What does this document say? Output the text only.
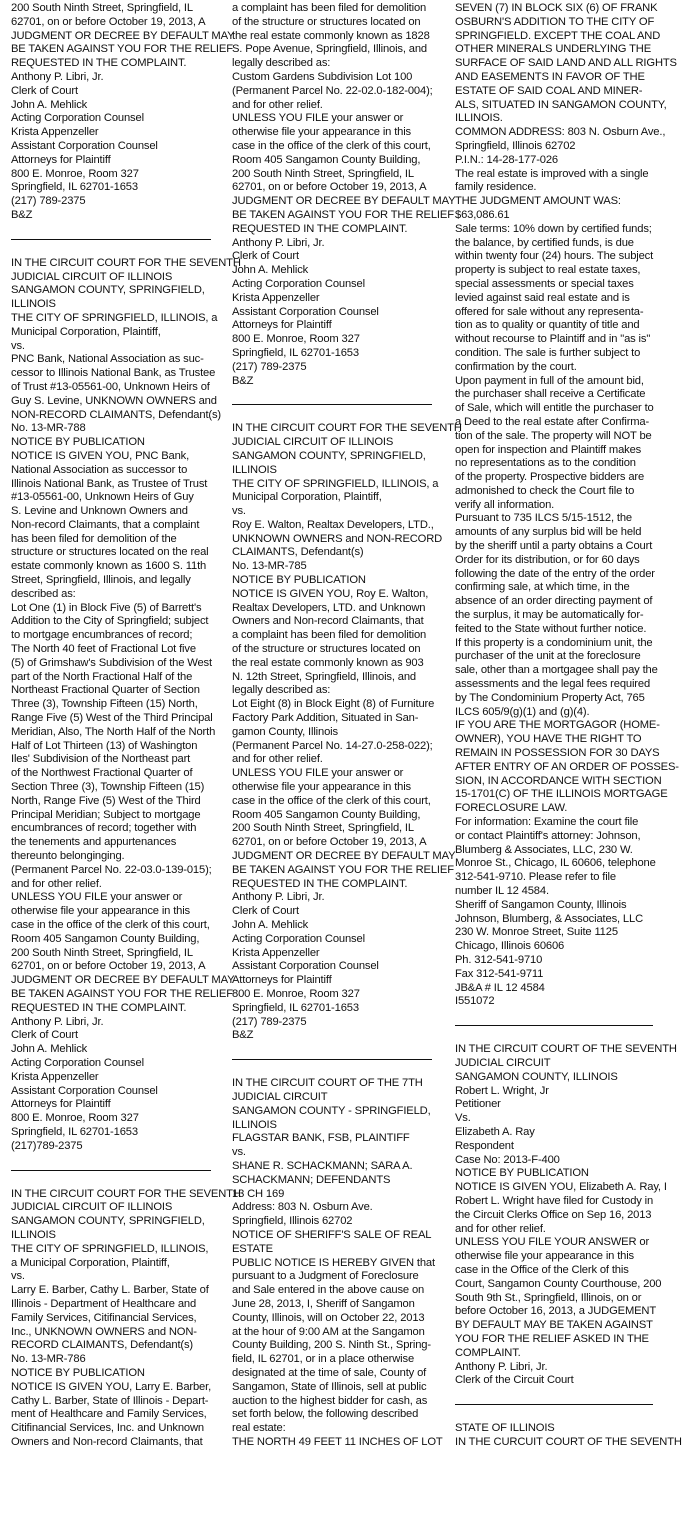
200 South Ninth Street, Springfield, IL
62701, on or before October 19, 2013, A
JUDGMENT OR DECREE BY DEFAULT MAY
BE TAKEN AGAINST YOU FOR THE RELIEF
REQUESTED IN THE COMPLAINT.
Anthony P. Libri, Jr.
Clerk of Court
John A. Mehlick
Acting Corporation Counsel
Krista Appenzeller
Assistant Corporation Counsel
Attorneys for Plaintiff
800 E. Monroe, Room 327
Springfield, IL 62701-1653
(217) 789-2375
B&Z
IN THE CIRCUIT COURT FOR THE SEVENTH
JUDICIAL CIRCUIT OF ILLINOIS
SANGAMON COUNTY, SPRINGFIELD,
ILLINOIS
THE CITY OF SPRINGFIELD, ILLINOIS, a
Municipal Corporation, Plaintiff,
vs.
PNC Bank, National Association as suc-
cessor to Illinois National Bank, as Trustee
of Trust #13-05561-00, Unknown Heirs of
Guy S. Levine, UNKNOWN OWNERS and
NON-RECORD CLAIMANTS, Defendant(s)
No. 13-MR-788
NOTICE BY PUBLICATION
NOTICE IS GIVEN YOU, PNC Bank,
National Association as successor to
Illinois National Bank, as Trustee of Trust
#13-05561-00, Unknown Heirs of Guy
S. Levine and Unknown Owners and
Non-record Claimants, that a complaint
has been filed for demolition of the
structure or structures located on the real
estate commonly known as 1600 S. 11th
Street, Springfield, Illinois, and legally
described as:
Lot One (1) in Block Five (5) of Barrett's
Addition to the City of Springfield; subject
to mortgage encumbrances of record;
The North 40 feet of Fractional Lot five
(5) of Grimshaw's Subdivision of the West
part of the North Fractional Half of the
Northeast Fractional Quarter of Section
Three (3), Township Fifteen (15) North,
Range Five (5) West of the Third Principal
Meridian, Also, The North Half of the North
Half of Lot Thirteen (13) of Washington
Iles' Subdivision of the Northeast part
of the Northwest Fractional Quarter of
Section Three (3), Township Fifteen (15)
North, Range Five (5) West of the Third
Principal Meridian; Subject to mortgage
encumbrances of record; together with
the tenements and appurtenances
thereunto belonginging.
(Permanent Parcel No. 22-03.0-139-015);
and for other relief.
UNLESS YOU FILE your answer or
otherwise file your appearance in this
case in the office of the clerk of this court,
Room 405 Sangamon County Building,
200 South Ninth Street, Springfield, IL
62701, on or before October 19, 2013, A
JUDGMENT OR DECREE BY DEFAULT MAY
BE TAKEN AGAINST YOU FOR THE RELIEF
REQUESTED IN THE COMPLAINT.
Anthony P. Libri, Jr.
Clerk of Court
John A. Mehlick
Acting Corporation Counsel
Krista Appenzeller
Assistant Corporation Counsel
Attorneys for Plaintiff
800 E. Monroe, Room 327
Springfield, IL 62701-1653
(217)789-2375
IN THE CIRCUIT COURT FOR THE SEVENTH
JUDICIAL CIRCUIT OF ILLINOIS
SANGAMON COUNTY, SPRINGFIELD,
ILLINOIS
THE CITY OF SPRINGFIELD, ILLINOIS,
a Municipal Corporation, Plaintiff,
vs.
Larry E. Barber, Cathy L. Barber, State of
Illinois - Department of Healthcare and
Family Services, Citifinancial Services,
Inc., UNKNOWN OWNERS and NON-
RECORD CLAIMANTS, Defendant(s)
No. 13-MR-786
NOTICE BY PUBLICATION
NOTICE IS GIVEN YOU, Larry E. Barber,
Cathy L. Barber, State of Illinois - Depart-
ment of Healthcare and Family Services,
Citifinancial Services, Inc. and Unknown
Owners and Non-record Claimants, that
a complaint has been filed for demolition
of the structure or structures located on
the real estate commonly known as 1828
S. Pope Avenue, Springfield, Illinois, and
legally described as:
Custom Gardens Subdivision Lot 100
(Permanent Parcel No. 22-02.0-182-004);
and for other relief.
UNLESS YOU FILE your answer or
otherwise file your appearance in this
case in the office of the clerk of this court,
Room 405 Sangamon County Building,
200 South Ninth Street, Springfield, IL
62701, on or before October 19, 2013, A
JUDGMENT OR DECREE BY DEFAULT MAY
BE TAKEN AGAINST YOU FOR THE RELIEF
REQUESTED IN THE COMPLAINT.
Anthony P. Libri, Jr.
Clerk of Court
John A. Mehlick
Acting Corporation Counsel
Krista Appenzeller
Assistant Corporation Counsel
Attorneys for Plaintiff
800 E. Monroe, Room 327
Springfield, IL 62701-1653
(217) 789-2375
B&Z
IN THE CIRCUIT COURT FOR THE SEVENTH
JUDICIAL CIRCUIT OF ILLINOIS
SANGAMON COUNTY, SPRINGFIELD,
ILLINOIS
THE CITY OF SPRINGFIELD, ILLINOIS, a
Municipal Corporation, Plaintiff,
vs.
Roy E. Walton, Realtax Developers, LTD.,
UNKNOWN OWNERS and NON-RECORD
CLAIMANTS, Defendant(s)
No. 13-MR-785
NOTICE BY PUBLICATION
NOTICE IS GIVEN YOU, Roy E. Walton,
Realtax Developers, LTD. and Unknown
Owners and Non-record Claimants, that
a complaint has been filed for demolition
of the structure or structures located on
the real estate commonly known as 903
N. 12th Street, Springfield, Illinois, and
legally described as:
Lot Eight (8) in Block Eight (8) of Furniture
Factory Park Addition, Situated in San-
gamon County, Illinois
(Permanent Parcel No. 14-27.0-258-022);
and for other relief.
UNLESS YOU FILE your answer or
otherwise file your appearance in this
case in the office of the clerk of this court,
Room 405 Sangamon County Building,
200 South Ninth Street, Springfield, IL
62701, on or before October 19, 2013, A
JUDGMENT OR DECREE BY DEFAULT MAY
BE TAKEN AGAINST YOU FOR THE RELIEF
REQUESTED IN THE COMPLAINT.
Anthony P. Libri, Jr.
Clerk of Court
John A. Mehlick
Acting Corporation Counsel
Krista Appenzeller
Assistant Corporation Counsel
Attorneys for Plaintiff
800 E. Monroe, Room 327
Springfield, IL 62701-1653
(217) 789-2375
B&Z
IN THE CIRCUIT COURT OF THE 7TH
JUDICIAL CIRCUIT
SANGAMON COUNTY - SPRINGFIELD,
ILLINOIS
FLAGSTAR BANK, FSB, PLAINTIFF
vs.
SHANE R. SCHACKMANN; SARA A.
SCHACKMANN; DEFENDANTS
13 CH 169
Address: 803 N. Osburn Ave.
Springfield, Illinois 62702
NOTICE OF SHERIFF'S SALE OF REAL
ESTATE
PUBLIC NOTICE IS HEREBY GIVEN that
pursuant to a Judgment of Foreclosure
and Sale entered in the above cause on
June 28, 2013, I, Sheriff of Sangamon
County, Illinois, will on October 22, 2013
at the hour of 9:00 AM at the Sangamon
County Building, 200 S. Ninth St., Spring-
field, IL 62701, or in a place otherwise
designated at the time of sale, County of
Sangamon, State of Illinois, sell at public
auction to the highest bidder for cash, as
set forth below, the following described
real estate:
THE NORTH 49 FEET 11 INCHES OF LOT
SEVEN (7) IN BLOCK SIX (6) OF FRANK
OSBURN'S ADDITION TO THE CITY OF
SPRINGFIELD. EXCEPT THE COAL AND
OTHER MINERALS UNDERLYING THE
SURFACE OF SAID LAND AND ALL RIGHTS
AND EASEMENTS IN FAVOR OF THE
ESTATE OF SAID COAL AND MINER-
ALS, SITUATED IN SANGAMON COUNTY,
ILLINOIS.
COMMON ADDRESS: 803 N. Osburn Ave.,
Springfield, Illinois 62702
P.I.N.: 14-28-177-026
The real estate is improved with a single
family residence.
THE JUDGMENT AMOUNT WAS:
$63,086.61
Sale terms: 10% down by certified funds;
the balance, by certified funds, is due
within twenty four (24) hours. The subject
property is subject to real estate taxes,
special assessments or special taxes
levied against said real estate and is
offered for sale without any representa-
tion as to quality or quantity of title and
without recourse to Plaintiff and in "as is"
condition. The sale is further subject to
confirmation by the court.
Upon payment in full of the amount bid,
the purchaser shall receive a Certificate
of Sale, which will entitle the purchaser to
a Deed to the real estate after Confirma-
tion of the sale. The property will NOT be
open for inspection and Plaintiff makes
no representations as to the condition
of the property. Prospective bidders are
admonished to check the Court file to
verify all information.
Pursuant to 735 ILCS 5/15-1512, the
amounts of any surplus bid will be held
by the sheriff until a party obtains a Court
Order for its distribution, or for 60 days
following the date of the entry of the order
confirming sale, at which time, in the
absence of an order directing payment of
the surplus, it may be automatically for-
feited to the State without further notice.
If this property is a condominium unit, the
purchaser of the unit at the foreclosure
sale, other than a mortgagee shall pay the
assessments and the legal fees required
by The Condominium Property Act, 765
ILCS 605/9(g)(1) and (g)(4).
IF YOU ARE THE MORTGAGOR (HOME-
OWNER), YOU HAVE THE RIGHT TO
REMAIN IN POSSESSION FOR 30 DAYS
AFTER ENTRY OF AN ORDER OF POSSES-
SION, IN ACCORDANCE WITH SECTION
15-1701(C) OF THE ILLINOIS MORTGAGE
FORECLOSURE LAW.
For information: Examine the court file
or contact Plaintiff's attorney: Johnson,
Blumberg & Associates, LLC, 230 W.
Monroe St., Chicago, IL 60606, telephone
312-541-9710. Please refer to file
number IL 12 4584.
Sheriff of Sangamon County, Illinois
Johnson, Blumberg, & Associates, LLC
230 W. Monroe Street, Suite 1125
Chicago, Illinois 60606
Ph. 312-541-9710
Fax 312-541-9711
JB&A # IL 12 4584
I551072
IN THE CIRCUIT COURT OF THE SEVENTH
JUDICIAL CIRCUIT
SANGAMON COUNTY, ILLINOIS
Robert L. Wright, Jr
Petitioner
Vs.
Elizabeth A. Ray
Respondent
Case No: 2013-F-400
NOTICE BY PUBLICATION
NOTICE IS GIVEN YOU, Elizabeth A. Ray, I
Robert L. Wright have filed for Custody in
the Circuit Clerks Office on Sep 16, 2013
and for other relief.
UNLESS YOU FILE YOUR ANSWER or
otherwise file your appearance in this
case in the Office of the Clerk of this
Court, Sangamon County Courthouse, 200
South 9th St., Springfield, Illinois, on or
before October 16, 2013, a JUDGEMENT
BY DEFAULT MAY BE TAKEN AGAINST
YOU FOR THE RELIEF ASKED IN THE
COMPLAINT.
Anthony P. Libri, Jr.
Clerk of the Circuit Court
STATE OF ILLINOIS
IN THE CURCUIT COURT OF THE SEVENTH
